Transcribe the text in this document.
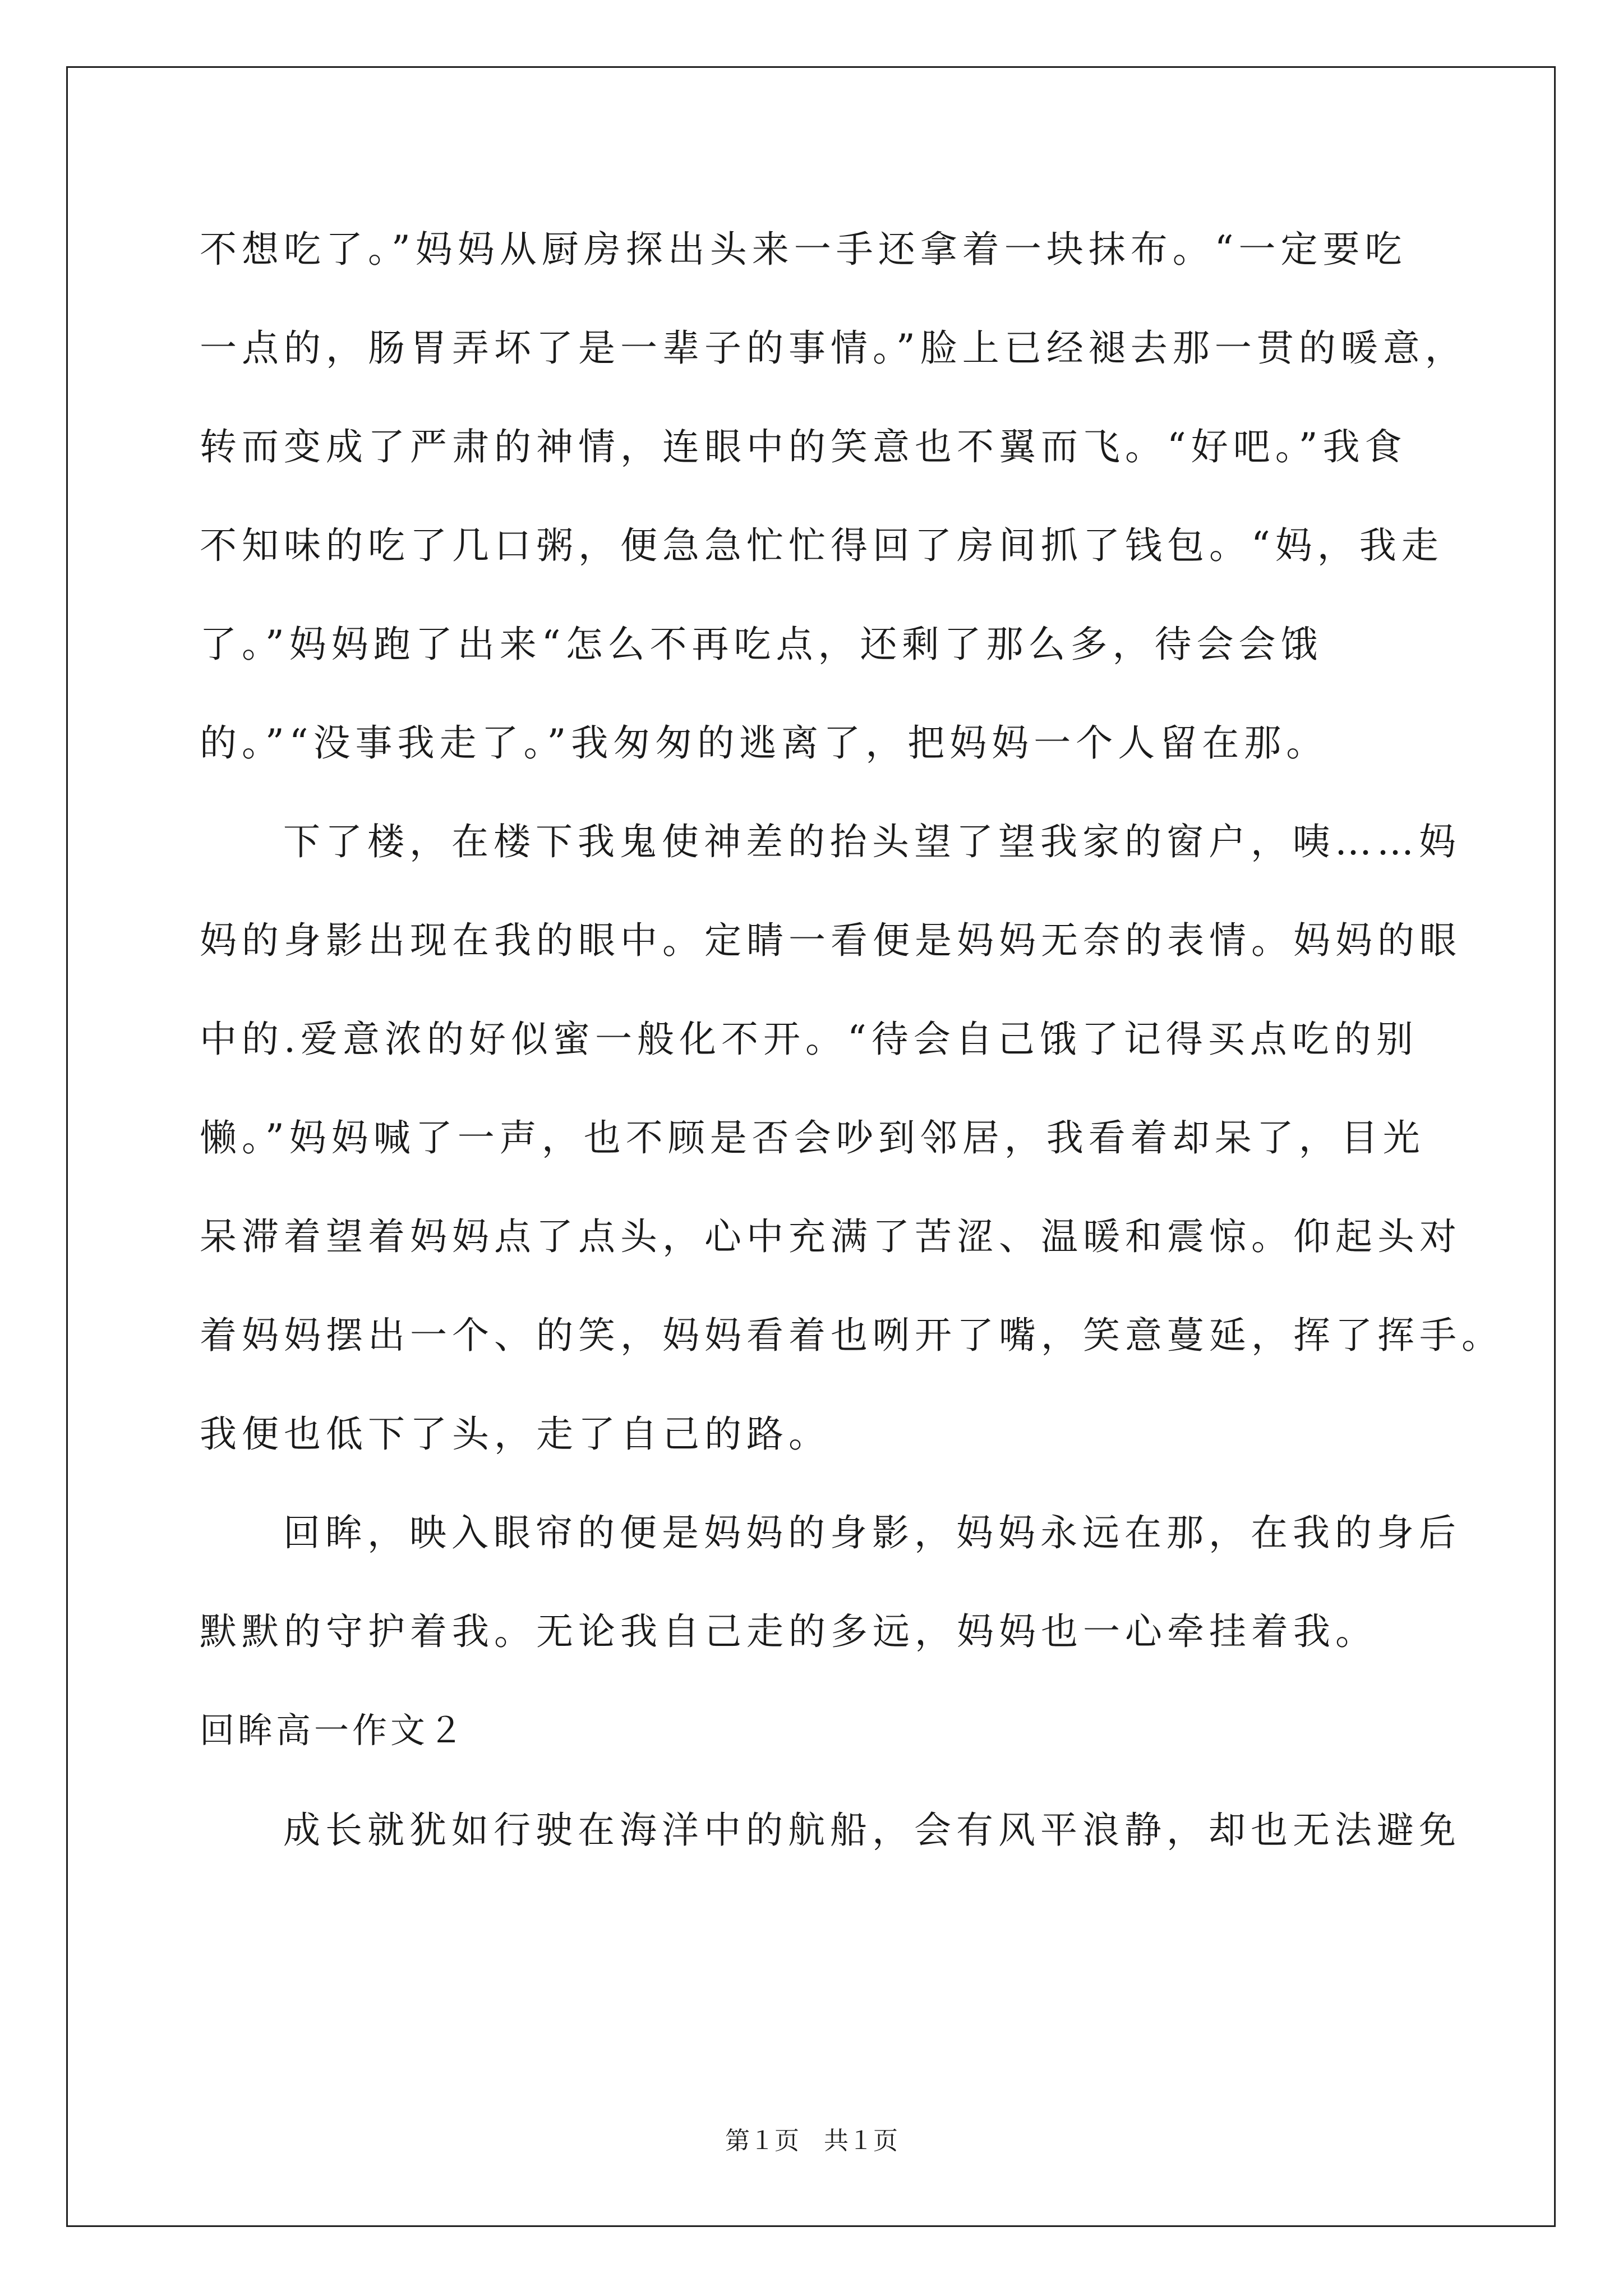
不想吃了。”妈妈从厨房探出头来一手还拿着一块抹布。“一定要吃
一点的，肠胃弄坏了是一辈子的事情。”脸上已经褪去那一贯的暖意，
转而变成了严肃的神情，连眼中的笑意也不翼而飞。“好吧。”我食
不知味的吃了几口粥，便急急忙忙得回了房间抓了钱包。“妈，我走
了。”妈妈跑了出来“怎么不再吃点，还剩了那么多，待会会饿
的。”“没事我走了。”我匆匆的逃离了，把妈妈一个人留在那。
下了楼，在楼下我鬼使神差的抬头望了望我家的窗户，咦……妈
妈的身影出现在我的眼中。定睛一看便是妈妈无奈的表情。妈妈的眼
中的.爱意浓的好似蜜一般化不开。“待会自己饿了记得买点吃的别
懒。”妈妈喊了一声，也不顾是否会吵到邻居，我看着却呆了，目光
呆滞着望着妈妈点了点头，心中充满了苦涩、温暖和震惊。仰起头对
着妈妈摆出一个、的笑，妈妈看着也咧开了嘴，笑意蔓延，挥了挥手。
我便也低下了头，走了自己的路。
回眸，映入眼帘的便是妈妈的身影，妈妈永远在那，在我的身后
默默的守护着我。无论我自己走的多远，妈妈也一心牵挂着我。
回眸高一作文２
成长就犹如行驶在海洋中的航船，会有风平浪静，却也无法避免
第１页　共１页
